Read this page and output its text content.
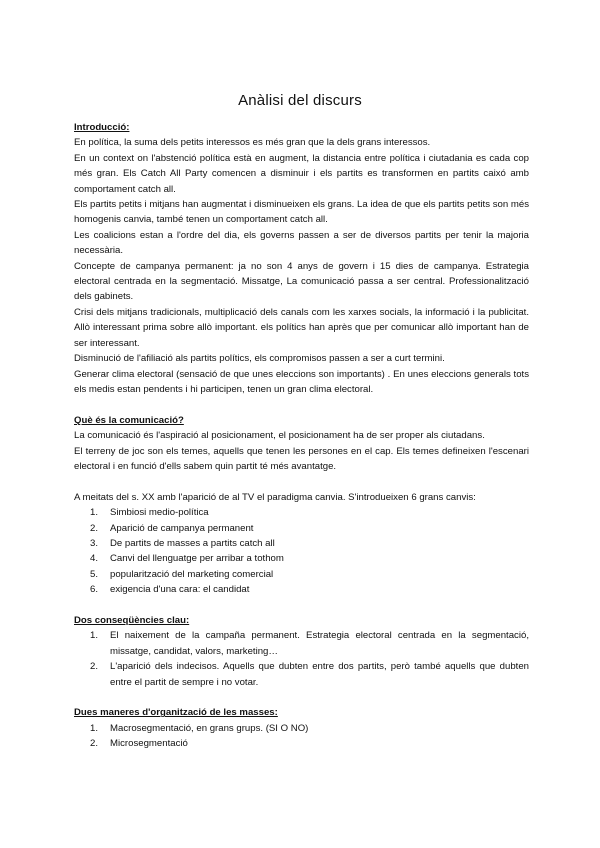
Anàlisi del discurs

Introducció:

En política, la suma dels petits interessos es més gran que la dels grans interessos.

En un context on l'abstenció política està en augment, la distancia entre política i ciutadania es cada cop més gran. Els Catch All Party comencen a disminuir i els partits es transformen en partits caixó amb comportament catch all.

Els partits petits i mitjans han augmentat i disminueixen els grans. La idea de que els partits petits son més homogenis canvia, també tenen un comportament catch all.

Les coalicions estan a l'ordre del dia, els governs passen a ser de diversos partits per tenir la majoria necessària.

Concepte de campanya permanent: ja no son 4 anys de govern i 15 dies de campanya. Estrategia electoral centrada en la segmentació. Missatge, La comunicació passa a ser central. Professionalització dels gabinets.

Crisi dels mitjans tradicionals, multiplicació dels canals com les xarxes socials, la informació i la publicitat. Allò interessant prima sobre allò important. els polítics han après que per comunicar allò important han de ser interessant.

Disminució de l'afiliació als partits polítics, els compromisos passen a ser a curt termini.

Generar clima electoral (sensació de que unes eleccions son importants) . En unes eleccions generals tots els medis estan pendents i hi participen, tenen un gran clima electoral.

Què és la comunicació?

La comunicació és l'aspiració al posicionament, el posicionament ha de ser proper als ciutadans.

El terreny de joc son els temes, aquells que tenen les persones en el cap. Els temes defineixen l'escenari electoral i en funció d'ells sabem quin partit té més avantatge.

A meitats del s. XX amb l'aparició de al TV el paradigma canvia. S'introdueixen 6 grans canvis:

1. Simbiosi medio-política
2. Aparició de campanya permanent
3. De partits de masses a partits catch all
4. Canvi del llenguatge per arribar a tothom
5. popularització del marketing comercial
6. exigencia d'una cara: el candidat

Dos conseqüències clau:

1. El naixement de la campaña permanent. Estrategia electoral centrada en la segmentació, missatge, candidat, valors, marketing…
2. L'aparició dels indecisos. Aquells que dubten entre dos partits, però també aquells que dubten entre el partit de sempre i no votar.

Dues maneres d'organització de les masses:

1. Macrosegmentació, en grans grups. (SI O NO)
2. Microsegmentació
